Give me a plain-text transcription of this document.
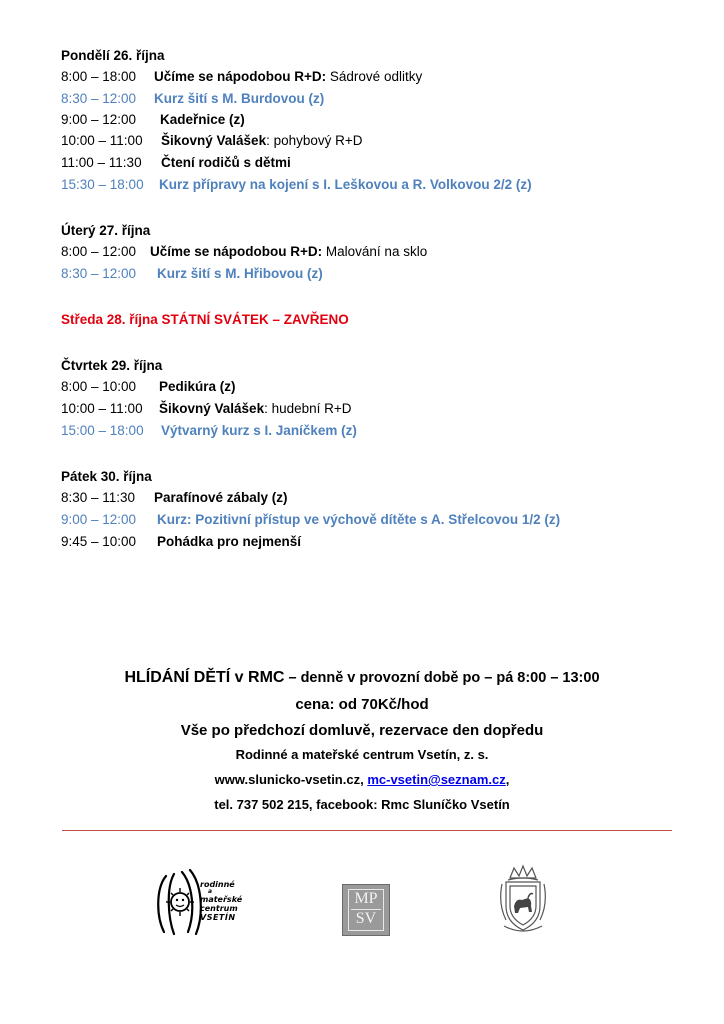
Pondělí 26. října
8:00 – 18:00 Učíme se nápodobou R+D: Sádrové odlitky
8:30 – 12:00 Kurz šití s M. Burdovou (z)
9:00 – 12:00 Kadeřnice (z)
10:00 – 11:00 Šikovný Valášek: pohybový R+D
11:00 – 11:30 Čtení rodičů s dětmi
15:30 – 18:00 Kurz přípravy na kojení s I. Leškovou a R. Volkovou 2/2 (z)
Úterý 27. října
8:00 – 12:00 Učíme se nápodobou R+D: Malování na sklo
8:30 – 12:00 Kurz šití s M. Hřibovou (z)
Středa 28. října STÁTNÍ SVÁTEK – ZAVŘENO
Čtvrtek 29. října
8:00 – 10:00 Pedikúra (z)
10:00 – 11:00 Šikovný Valášek: hudební R+D
15:00 – 18:00 Výtvarný kurz s I. Janíčkem (z)
Pátek 30. října
8:30 – 11:30 Parafínové zábaly (z)
9:00 – 12:00 Kurz: Pozitivní přístup ve výchově dítěte s A. Střelcovou 1/2 (z)
9:45 – 10:00 Pohádka pro nejmenší
HLÍDÁNÍ DĚTÍ v RMC – denně v provozní době po – pá 8:00 – 13:00
cena: od 70Kč/hod
Vše po předchozí domluvě, rezervace den dopředu
Rodinné a mateřské centrum Vsetín, z. s.
www.slunicko-vsetin.cz, mc-vsetin@seznam.cz,
tel. 737 502 215, facebook: Rmc Sluníčko Vsetín
rodinné
a
mateřské
centrum
VSETÍN
MP
SV
